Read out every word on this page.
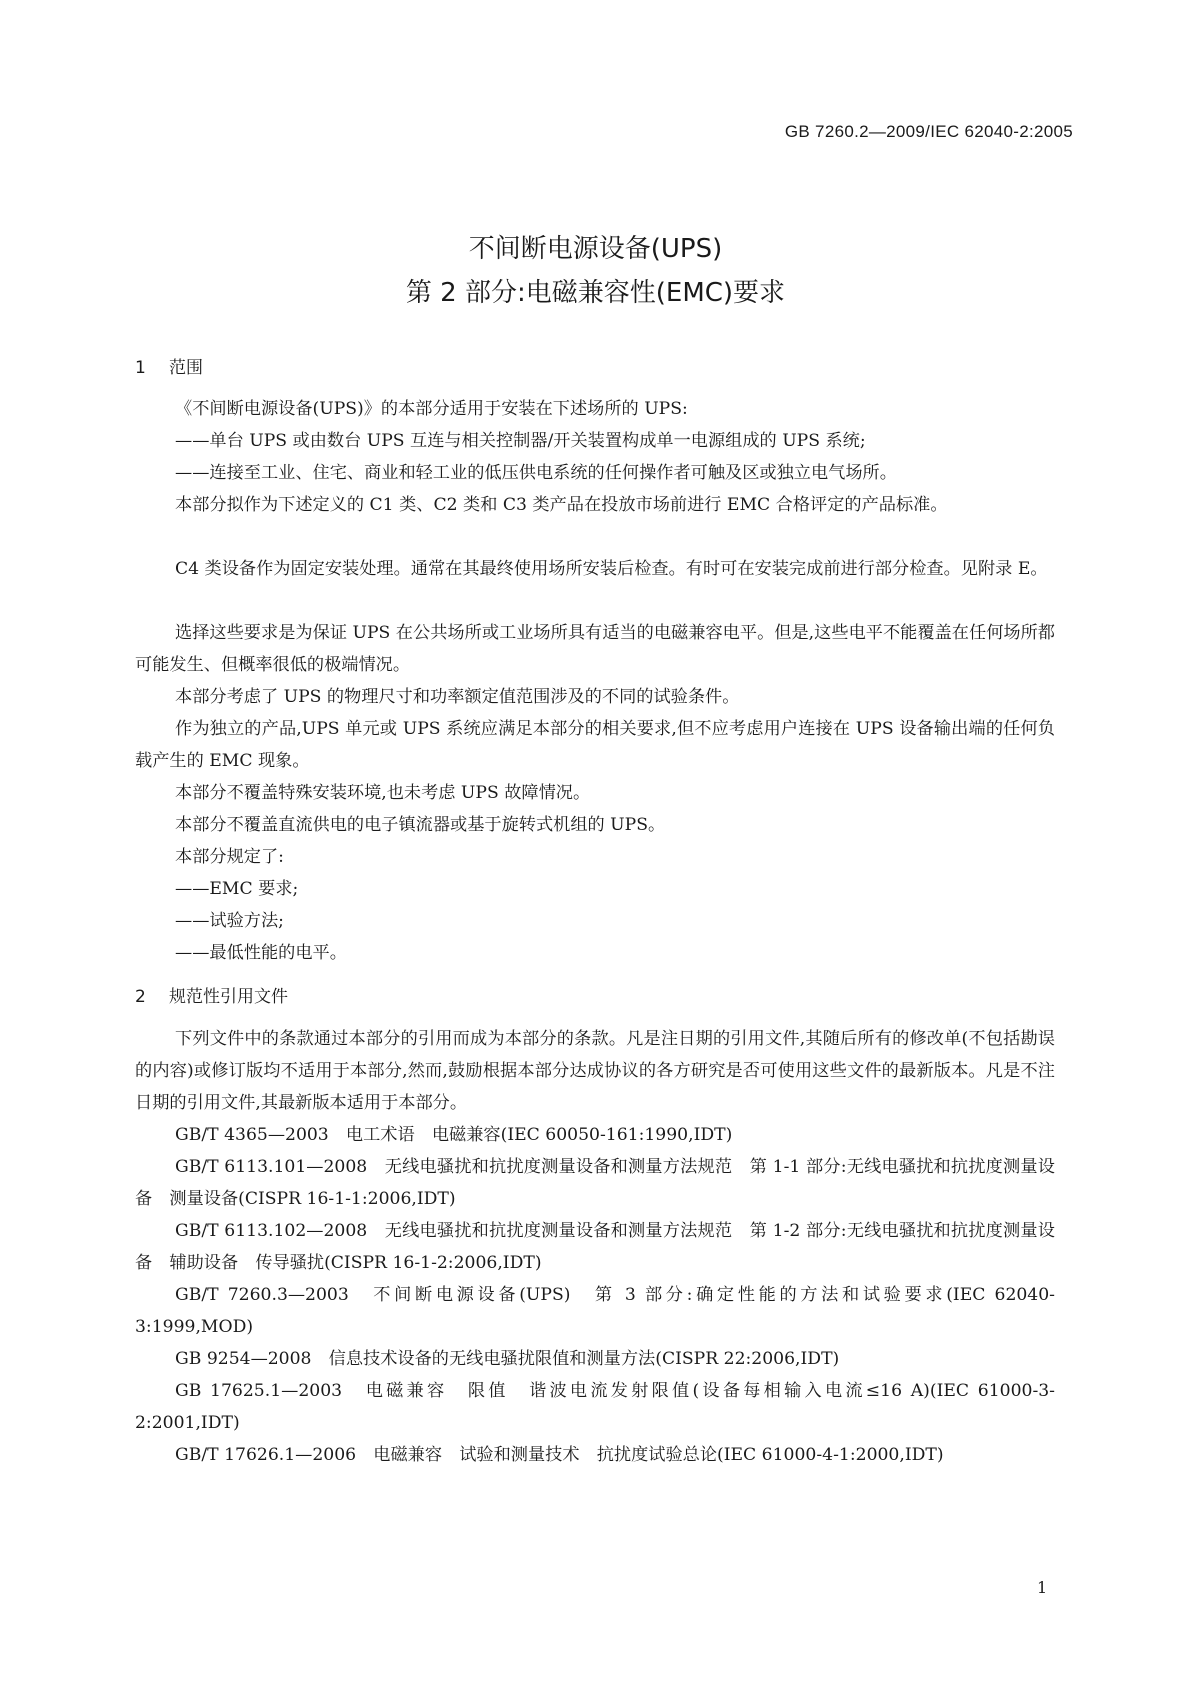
GB 7260.2—2009/IEC 62040-2:2005
不间断电源设备(UPS)
第 2 部分:电磁兼容性(EMC)要求
1 范围
《不间断电源设备(UPS)》的本部分适用于安装在下述场所的 UPS:
——单台 UPS 或由数台 UPS 互连与相关控制器/开关装置构成单一电源组成的 UPS 系统;
——连接至工业、住宅、商业和轻工业的低压供电系统的任何操作者可触及区或独立电气场所。
本部分拟作为下述定义的 C1 类、C2 类和 C3 类产品在投放市场前进行 EMC 合格评定的产品标准。
C4 类设备作为固定安装处理。通常在其最终使用场所安装后检查。有时可在安装完成前进行部分检查。见附录 E。
选择这些要求是为保证 UPS 在公共场所或工业场所具有适当的电磁兼容电平。但是,这些电平不能覆盖在任何场所都可能发生、但概率很低的极端情况。
本部分考虑了 UPS 的物理尺寸和功率额定值范围涉及的不同的试验条件。
作为独立的产品,UPS 单元或 UPS 系统应满足本部分的相关要求,但不应考虑用户连接在 UPS 设备输出端的任何负载产生的 EMC 现象。
本部分不覆盖特殊安装环境,也未考虑 UPS 故障情况。
本部分不覆盖直流供电的电子镇流器或基于旋转式机组的 UPS。
本部分规定了:
——EMC 要求;
——试验方法;
——最低性能的电平。
2 规范性引用文件
下列文件中的条款通过本部分的引用而成为本部分的条款。凡是注日期的引用文件,其随后所有的修改单(不包括勘误的内容)或修订版均不适用于本部分,然而,鼓励根据本部分达成协议的各方研究是否可使用这些文件的最新版本。凡是不注日期的引用文件,其最新版本适用于本部分。
GB/T 4365—2003　电工术语　电磁兼容(IEC 60050-161:1990,IDT)
GB/T 6113.101—2008　无线电骚扰和抗扰度测量设备和测量方法规范　第 1-1 部分:无线电骚扰和抗扰度测量设备　测量设备(CISPR 16-1-1:2006,IDT)
GB/T 6113.102—2008　无线电骚扰和抗扰度测量设备和测量方法规范　第 1-2 部分:无线电骚扰和抗扰度测量设备　辅助设备　传导骚扰(CISPR 16-1-2:2006,IDT)
GB/T 7260.3—2003　不间断电源设备(UPS)　第 3 部分:确定性能的方法和试验要求(IEC 62040-3:1999,MOD)
GB 9254—2008　信息技术设备的无线电骚扰限值和测量方法(CISPR 22:2006,IDT)
GB 17625.1—2003　电磁兼容　限值　谐波电流发射限值(设备每相输入电流≤16 A)(IEC 61000-3-2:2001,IDT)
GB/T 17626.1—2006　电磁兼容　试验和测量技术　抗扰度试验总论(IEC 61000-4-1:2000,IDT)
1
